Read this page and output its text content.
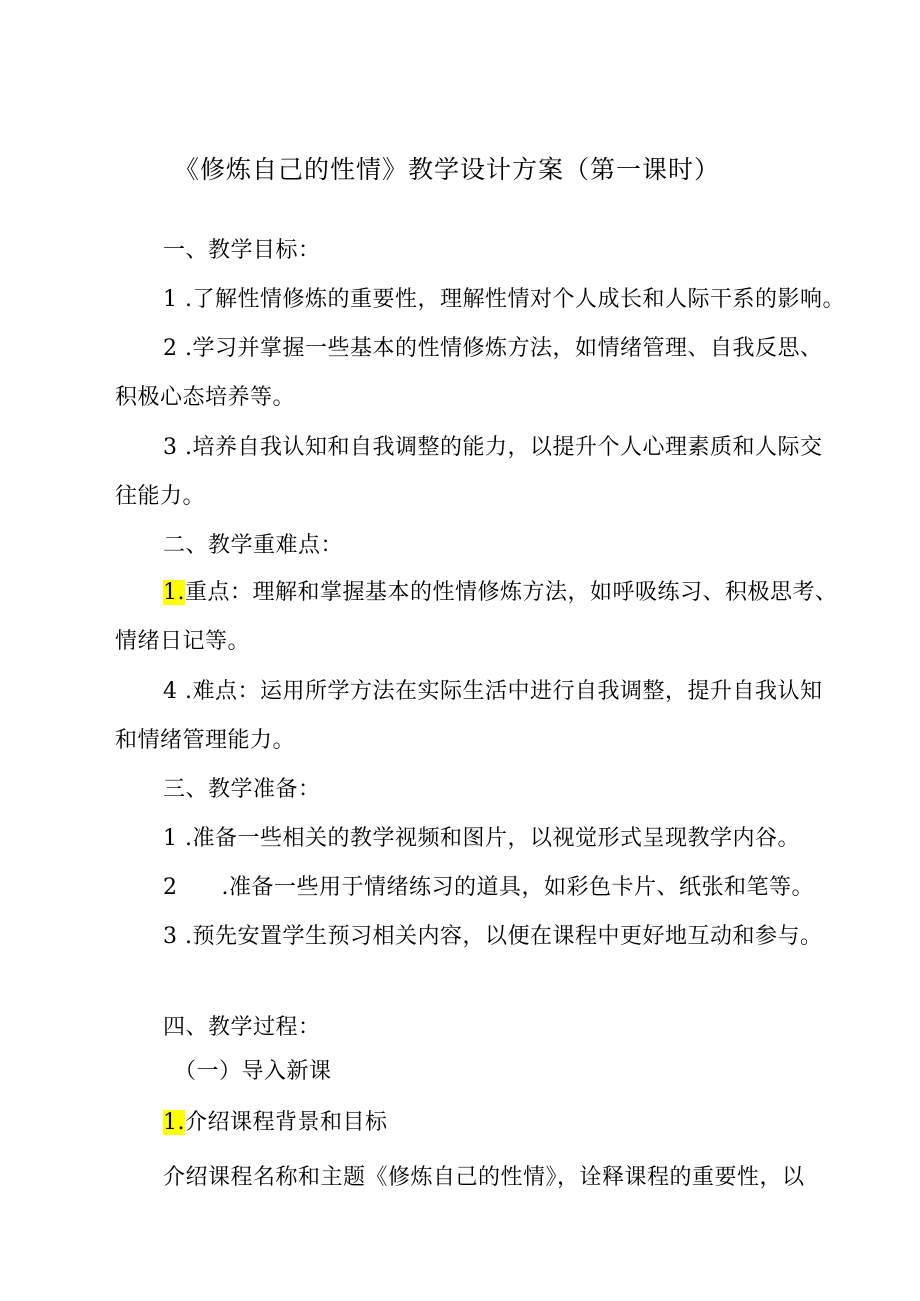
《修炼自己的性情》教学设计方案（第一课时）
一、教学目标：
1 .了解性情修炼的重要性，理解性情对个人成长和人际干系的影响。
2 .学习并掌握一些基本的性情修炼方法，如情绪管理、自我反思、
积极心态培养等。
3 .培养自我认知和自我调整的能力，以提升个人心理素质和人际交
往能力。
二、教学重难点：
1.重点：理解和掌握基本的性情修炼方法，如呼吸练习、积极思考、
情绪日记等。
4 .难点：运用所学方法在实际生活中进行自我调整，提升自我认知
和情绪管理能力。
三、教学准备：
1 .准备一些相关的教学视频和图片，以视觉形式呈现教学内谷。
2 .准备一些用于情绪练习的道具，如彩色卡片、纸张和笔等。
3 .预先安置学生预习相关内容，以便在课程中更好地互动和参与。
四、教学过程：
（一）导入新课
1.介绍课程背景和目标
介绍课程名称和主题《修炼自己的性情》，诠释课程的重要性，以
